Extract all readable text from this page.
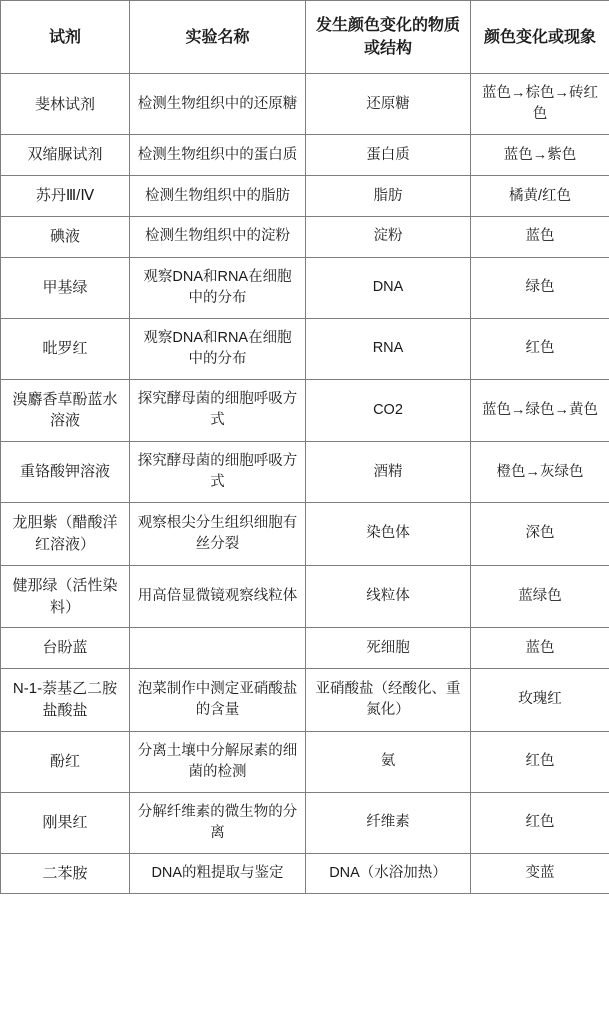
试剂	实验名称	发生颜色变化的物质或结构	颜色变化或现象
斐林试剂	检测生物组织中的还原糖	还原糖	蓝色→棕色→砖红色
双缩脲试剂	检测生物组织中的蛋白质	蛋白质	蓝色→紫色
苏丹Ⅲ/Ⅳ	检测生物组织中的脂肪	脂肪	橘黄/红色
碘液	检测生物组织中的淀粉	淀粉	蓝色
甲基绿	观察DNA和RNA在细胞中的分布	DNA	绿色
吡罗红	观察DNA和RNA在细胞中的分布	RNA	红色
溴麝香草酚蓝水溶液	探究酵母菌的细胞呼吸方式	CO2	蓝色→绿色→黄色
重铬酸钾溶液	探究酵母菌的细胞呼吸方式	酒精	橙色→灰绿色
龙胆紫（醋酸洋红溶液）	观察根尖分生组织细胞有丝分裂	染色体	深色
健那绿（活性染料）	用高倍显微镜观察线粒体	线粒体	蓝绿色
台盼蓝		死细胞	蓝色
N-1-萘基乙二胺盐酸盐	泡菜制作中测定亚硝酸盐的含量	亚硝酸盐（经酸化、重氮化）	玫瑰红
酚红	分离土壤中分解尿素的细菌的检测	氨	红色
刚果红	分解纤维素的微生物的分离	纤维素	红色
二苯胺	DNA的粗提取与鉴定	DNA（水浴加热）	变蓝
